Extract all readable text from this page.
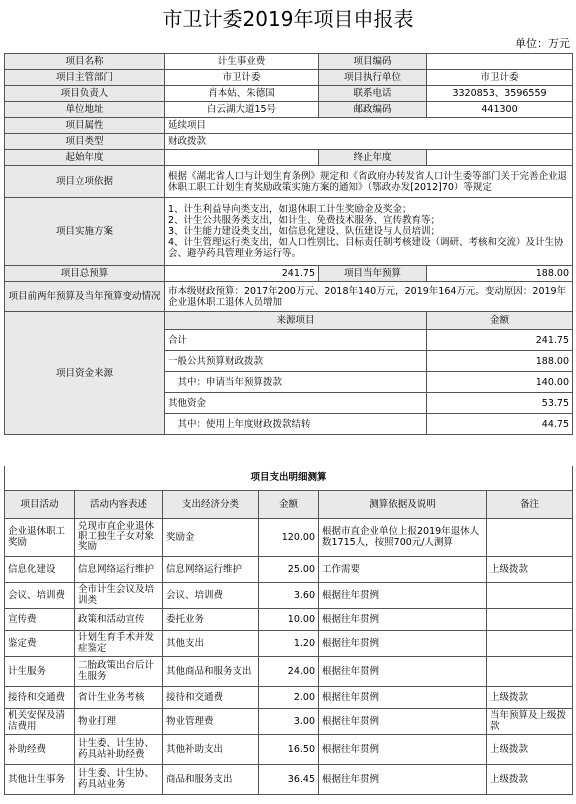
市卫计委2019年项目申报表
单位：万元
项目名称	计生事业费	项目编码	
项目主管部门	市卫计委	项目执行单位	市卫计委
项目负责人	肖本姑、朱德国	联系电话	3320853、3596559
单位地址	白云湖大道15号	邮政编码	441300
项目属性	延续项目		
项目类型	财政拨款		
起始年度		终止年度	
项目立项依据	根据《湖北省人口与计划生育条例》规定和《省政府办转发省人口计生委等部门关于完善企业退休职工职工计划生育奖励政策实施方案的通知》（鄂政办发[2012]70）等规定		
项目实施方案	1、计生利益导向类支出，如退休职工计生奖励金及奖金；
2、计生公共服务类支出，如计生、免费技术服务、宣传教育等；
3、计生能力建设类支出，如信息化建设、队伍建设与人员培训；
4、计生管理运行类支出，如人口性别比、目标责任制考核建设（调研、考核和交流）及计生协会、避孕药具管理业务运行等。		

项目总预算	241.75	项目当年预算	188.00
项目前两年预算及当年预算变动情况	市本级财政预算：2017年200万元、2018年140万元，2019年164万元。变动原因：2019年企业退休职工退休人员增加		
项目资金来源	来源项目		金额
	合计		241.75
	一般公共预算财政拨款		188.00
	　其中：申请当年预算拨款		140.00
	其他资金		53.75
	　其中：使用上年度财政拨款结转		44.75
项目支出明细测算					
项目活动	活动内容表述	支出经济分类	金额	测算依据及说明	备注
企业退休职工奖励	兑现市直企业退休职工独生子女对象奖励	奖励金	120.00	根据市直企业单位上报2019年退休人数1715人，按照700元/人测算	
信息化建设	信息网络运行维护	信息网络运行维护	25.00	工作需要	上级拨款
会议、培训费	全市计生会议及培训类	会议、培训费	3.60	根据往年贯例	
宣传费	政策和活动宣传	委托业务	10.00	根据往年贯例	
鉴定费	计划生育手术并发症鉴定	其他支出	1.20	根据往年贯例	
计生服务	二胎政策出台后计生服务	其他商品和服务支出	24.00	根据往年贯例	
接待和交通费	省计生业务考核	接待和交通费	2.00	根据往年贯例	上级拨款
机关安保及清洁费用	物业打理	物业管理费	3.00	根据往年贯例	当年预算及上级拨款
补助经费	计生委、计生协、药具站补助经费	其他补助支出	16.50	根据往年贯例	上级拨款
其他计生事务	计生委、计生协、药具站业务	商品和服务支出	36.45	根据往年贯例	上级拨款
